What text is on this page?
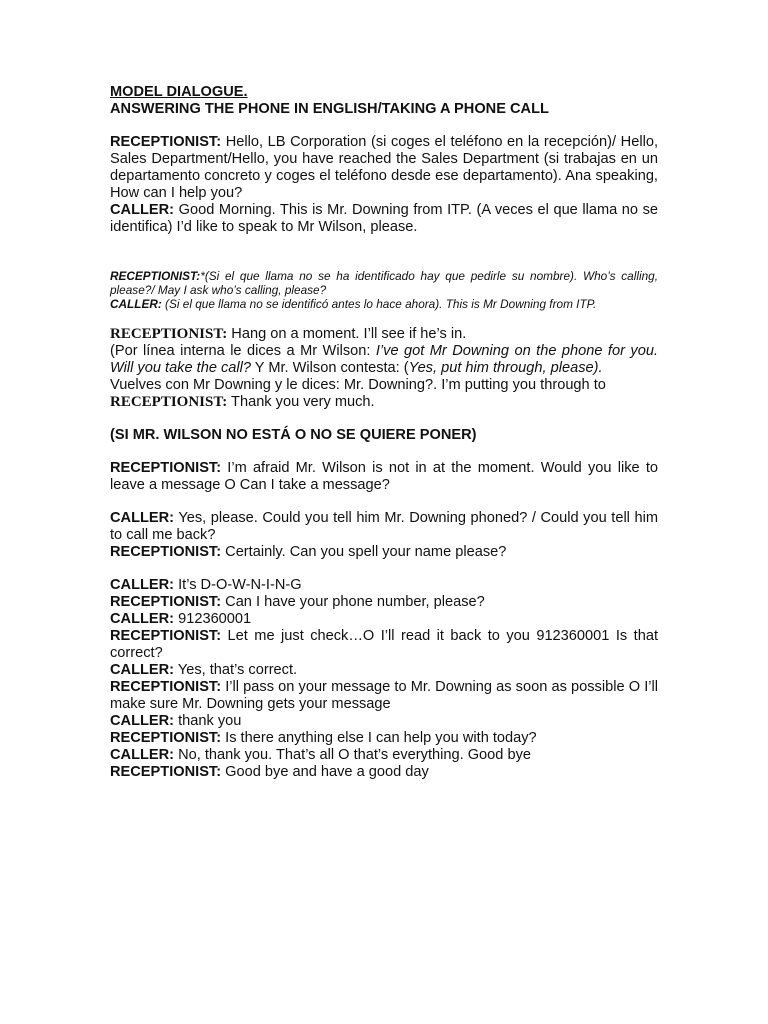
MODEL DIALOGUE.

ANSWERING THE PHONE IN ENGLISH/TAKING A PHONE CALL

RECEPTIONIST: Hello, LB Corporation (si coges el teléfono en la recepción)/ Hello, Sales Department/Hello, you have reached the Sales Department (si trabajas en un departamento concreto y coges el teléfono desde ese departamento). Ana speaking, How can I help you?

CALLER: Good Morning. This is Mr. Downing from ITP. (A veces el que llama no se identifica) I’d like to speak to Mr Wilson, please.

RECEPTIONIST:*(Si el que llama no se ha identificado hay que pedirle su nombre). Who’s calling, please?/ May I ask who’s calling, please?

CALLER: (Si el que llama no se identificó antes lo hace ahora). This is Mr Downing from ITP.

RECEPTIONIST: Hang on a moment. I’ll see if he’s in.

(Por línea interna le dices a Mr Wilson: I’ve got Mr Downing on the phone for you. Will you take the call? Y Mr. Wilson contesta: (Yes, put him through, please).

Vuelves con Mr Downing y le dices: Mr. Downing?. I’m putting you through to

RECEPTIONIST: Thank you very much.

(SI MR. WILSON NO ESTÁ O NO SE QUIERE PONER)

RECEPTIONIST: I’m afraid Mr. Wilson is not in at the moment. Would you like to leave a message O Can I take a message?

CALLER: Yes, please. Could you tell him Mr. Downing phoned? / Could you tell him to call me back?

RECEPTIONIST: Certainly. Can you spell your name please?

CALLER: It’s D-O-W-N-I-N-G

RECEPTIONIST: Can I have your phone number, please?

CALLER: 912360001

RECEPTIONIST: Let me just check…O I’ll read it back to you 912360001 Is that correct?

CALLER: Yes, that’s correct.

RECEPTIONIST: I’ll pass on your message to Mr. Downing as soon as possible O I’ll make sure Mr. Downing gets your message

CALLER: thank you

RECEPTIONIST: Is there anything else I can help you with today?

CALLER: No, thank you. That’s all O that’s everything. Good bye

RECEPTIONIST: Good bye and have a good day
